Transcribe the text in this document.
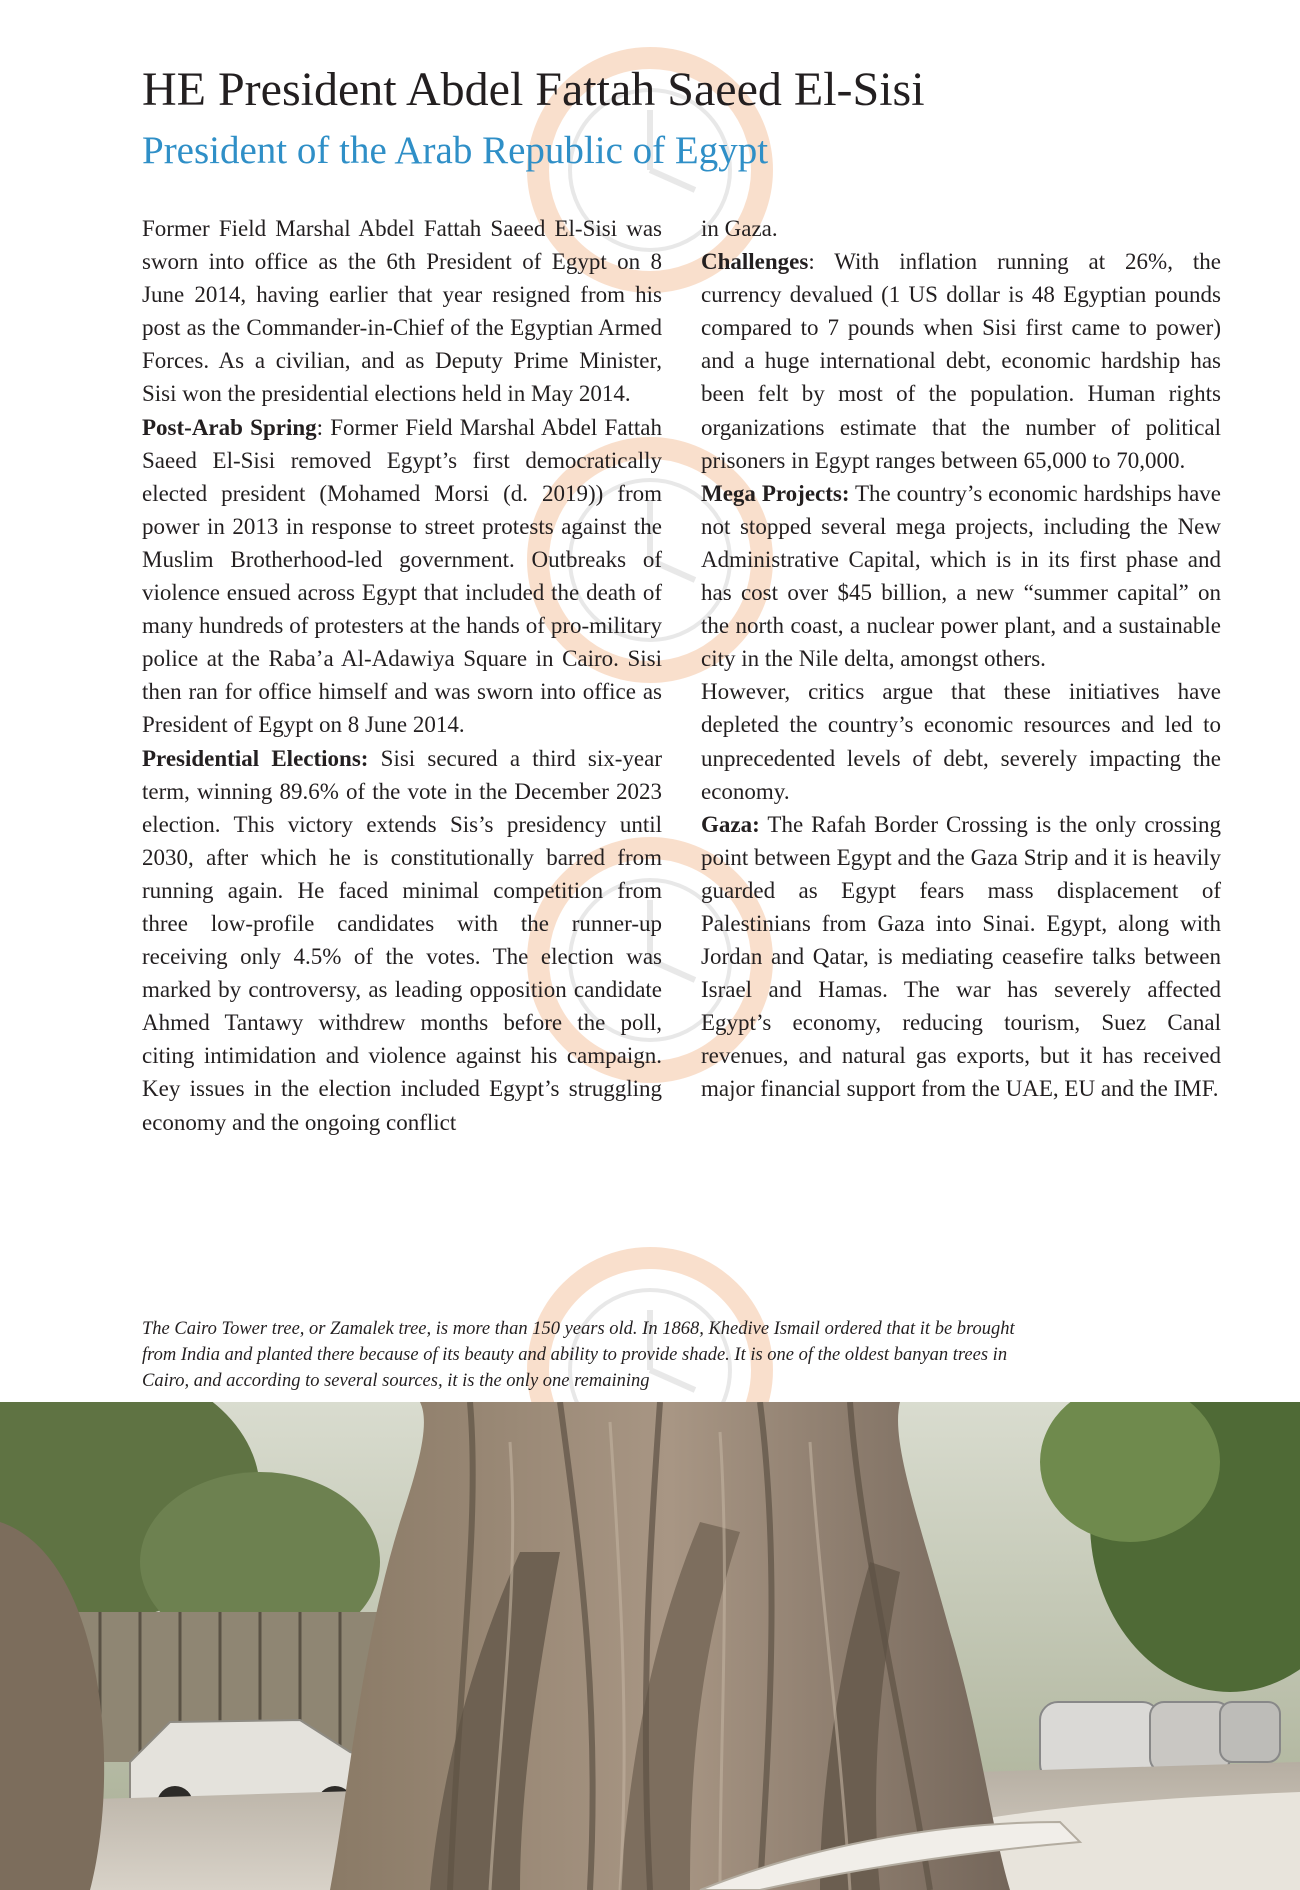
HE President Abdel Fattah Saeed El-Sisi
President of the Arab Republic of Egypt

Former Field Marshal Abdel Fattah Saeed El-Sisi was sworn into office as the 6th President of Egypt on 8 June 2014, having earlier that year resigned from his post as the Commander-in-Chief of the Egyptian Armed Forces. As a civilian, and as Deputy Prime Minister, Sisi won the presidential elections held in May 2014.

Post-Arab Spring: Former Field Marshal Abdel Fattah Saeed El-Sisi removed Egypt’s first democratically elected president (Mohamed Morsi (d. 2019)) from power in 2013 in response to street protests against the Muslim Brotherhood-led government. Outbreaks of violence ensued across Egypt that included the death of many hundreds of protesters at the hands of pro-military police at the Raba’a Al-Adawiya Square in Cairo. Sisi then ran for office himself and was sworn into office as President of Egypt on 8 June 2014.

Presidential Elections: Sisi secured a third six-year term, winning 89.6% of the vote in the December 2023 election. This victory extends Sis’s presidency until 2030, after which he is constitutionally barred from running again. He faced minimal competition from three low-profile candidates with the runner-up receiving only 4.5% of the votes. The election was marked by controversy, as leading opposition candidate Ahmed Tantawy withdrew months before the poll, citing intimidation and violence against his campaign. Key issues in the election included Egypt’s struggling economy and the ongoing conflict

in Gaza.

Challenges: With inflation running at 26%, the currency devalued (1 US dollar is 48 Egyptian pounds compared to 7 pounds when Sisi first came to power) and a huge international debt, economic hardship has been felt by most of the population. Human rights organizations estimate that the number of political prisoners in Egypt ranges between 65,000 to 70,000.

Mega Projects: The country’s economic hardships have not stopped several mega projects, including the New Administrative Capital, which is in its first phase and has cost over $45 billion, a new “summer capital” on the north coast, a nuclear power plant, and a sustainable city in the Nile delta, amongst others.

However, critics argue that these initiatives have depleted the country’s economic resources and led to unprecedented levels of debt, severely impacting the economy.

Gaza: The Rafah Border Crossing is the only crossing point between Egypt and the Gaza Strip and it is heavily guarded as Egypt fears mass displacement of Palestinians from Gaza into Sinai. Egypt, along with Jordan and Qatar, is mediating ceasefire talks between Israel and Hamas. The war has severely affected Egypt’s economy, reducing tourism, Suez Canal revenues, and natural gas exports, but it has received major financial support from the UAE, EU and the IMF.

The Cairo Tower tree, or Zamalek tree, is more than 150 years old. In 1868, Khedive Ismail ordered that it be brought from India and planted there because of its beauty and ability to provide shade. It is one of the oldest banyan trees in Cairo, and according to several sources, it is the only one remaining
